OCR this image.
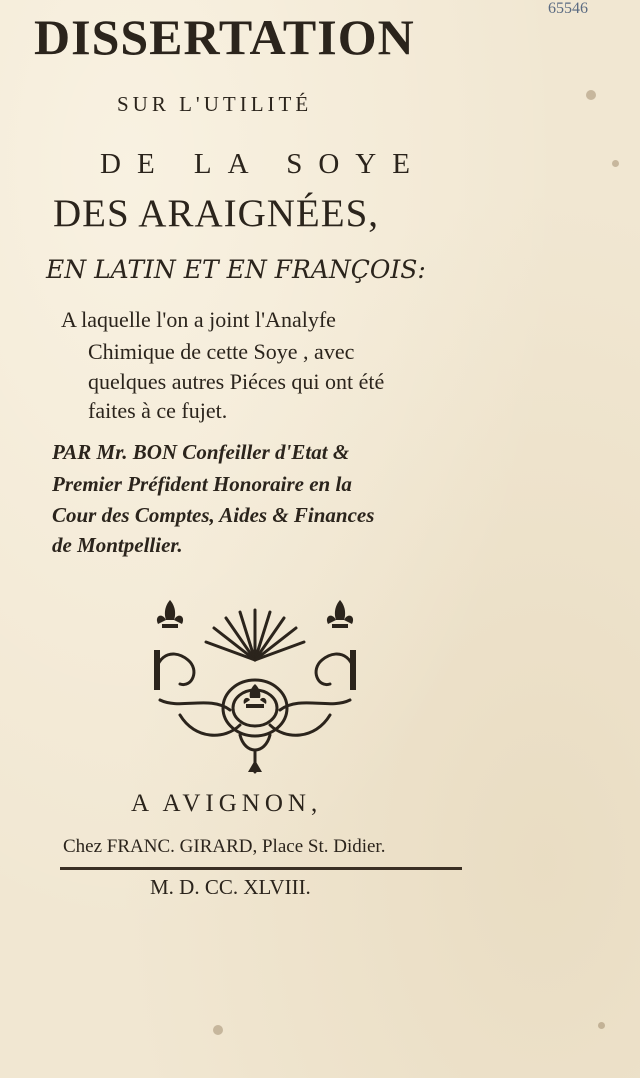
65546
DISSERTATION
SUR L'UTILITÉ
DE LA SOYE
DES ARAIGNÉES,
EN LATIN ET EN FRANÇOIS:
A laquelle l'on a joint l'Analyfe
Chimique de cette Soye , avec
quelques autres Piéces qui ont été
faites à ce fujet.
PAR Mr. BON Confeiller d'Etat &
Premier Préfident Honoraire en la
Cour des Comptes, Aides & Finances
de Montpellier.
A AVIGNON,
Chez FRANC. GIRARD, Place St. Didier.
M. D. CC. XLVIII.
